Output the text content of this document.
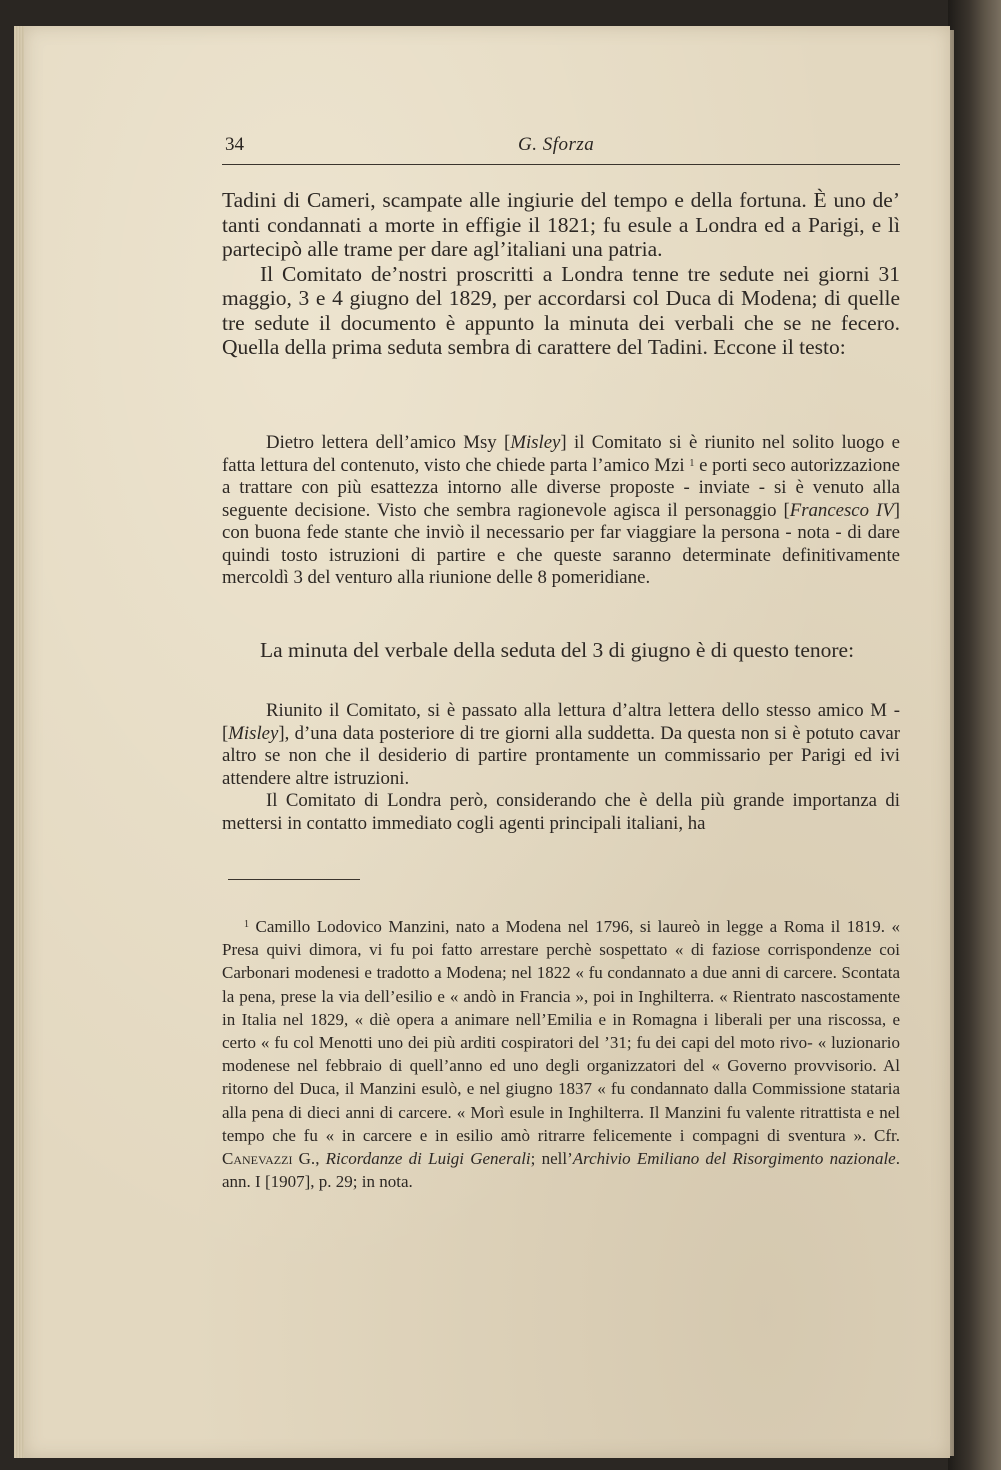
34	G. Sforza

Tadini di Cameri, scampate alle ingiurie del tempo e della fortuna. È uno de’ tanti condannati a morte in effigie il 1821; fu esule a Londra ed a Parigi, e lì partecipò alle trame per dare agl’italiani una patria.

Il Comitato de’nostri proscritti a Londra tenne tre sedute nei giorni 31 maggio, 3 e 4 giugno del 1829, per accordarsi col Duca di Modena; di quelle tre sedute il documento è appunto la minuta dei verbali che se ne fecero. Quella della prima seduta sembra di carattere del Tadini. Eccone il testo:

Dietro lettera dell’amico Msy [Misley] il Comitato si è riunito nel solito luogo e fatta lettura del contenuto, visto che chiede parta l’amico Mzi $^1$ e porti seco autorizzazione a trattare con più esattezza intorno alle diverse proposte - inviate - si è venuto alla seguente decisione. Visto che sembra ragionevole agisca il personaggio [Francesco IV] con buona fede stante che inviò il necessario per far viaggiare la persona - nota - di dare quindi tosto istruzioni di partire e che queste saranno determinate definitivamente mercoldì 3 del venturo alla riunione delle 8 pomeridiane.

La minuta del verbale della seduta del 3 di giugno è di questo tenore:

Riunito il Comitato, si è passato alla lettura d’altra lettera dello stesso amico M - [Misley], d’una data posteriore di tre giorni alla suddetta. Da questa non si è potuto cavar altro se non che il desiderio di partire prontamente un commissario per Parigi ed ivi attendere altre istruzioni.

Il Comitato di Londra però, considerando che è della più grande importanza di mettersi in contatto immediato cogli agenti principali italiani, ha

$^1$ Camillo Lodovico Manzini, nato a Modena nel 1796, si laureò in legge a Roma il 1819. « Presa quivi dimora, vi fu poi fatto arrestare perchè sospettato « di faziose corrispondenze coi Carbonari modenesi e tradotto a Modena; nel 1822 « fu condannato a due anni di carcere. Scontata la pena, prese la via dell’esilio e « andò in Francia », poi in Inghilterra. « Rientrato nascostamente in Italia nel 1829, « diè opera a animare nell’Emilia e in Romagna i liberali per una riscossa, e certo « fu col Menotti uno dei più arditi cospiratori del ’31; fu dei capi del moto rivo- « luzionario modenese nel febbraio di quell’anno ed uno degli organizzatori del « Governo provvisorio. Al ritorno del Duca, il Manzini esulò, e nel giugno 1837 « fu condannato dalla Commissione stataria alla pena di dieci anni di carcere. « Morì esule in Inghilterra. Il Manzini fu valente ritrattista e nel tempo che fu « in carcere e in esilio amò ritrarre felicemente i compagni di sventura ». Cfr. Canevazzi G., Ricordanze di Luigi Generali; nell’Archivio Emiliano del Risorgimento nazionale. ann. I [1907], p. 29; in nota.
